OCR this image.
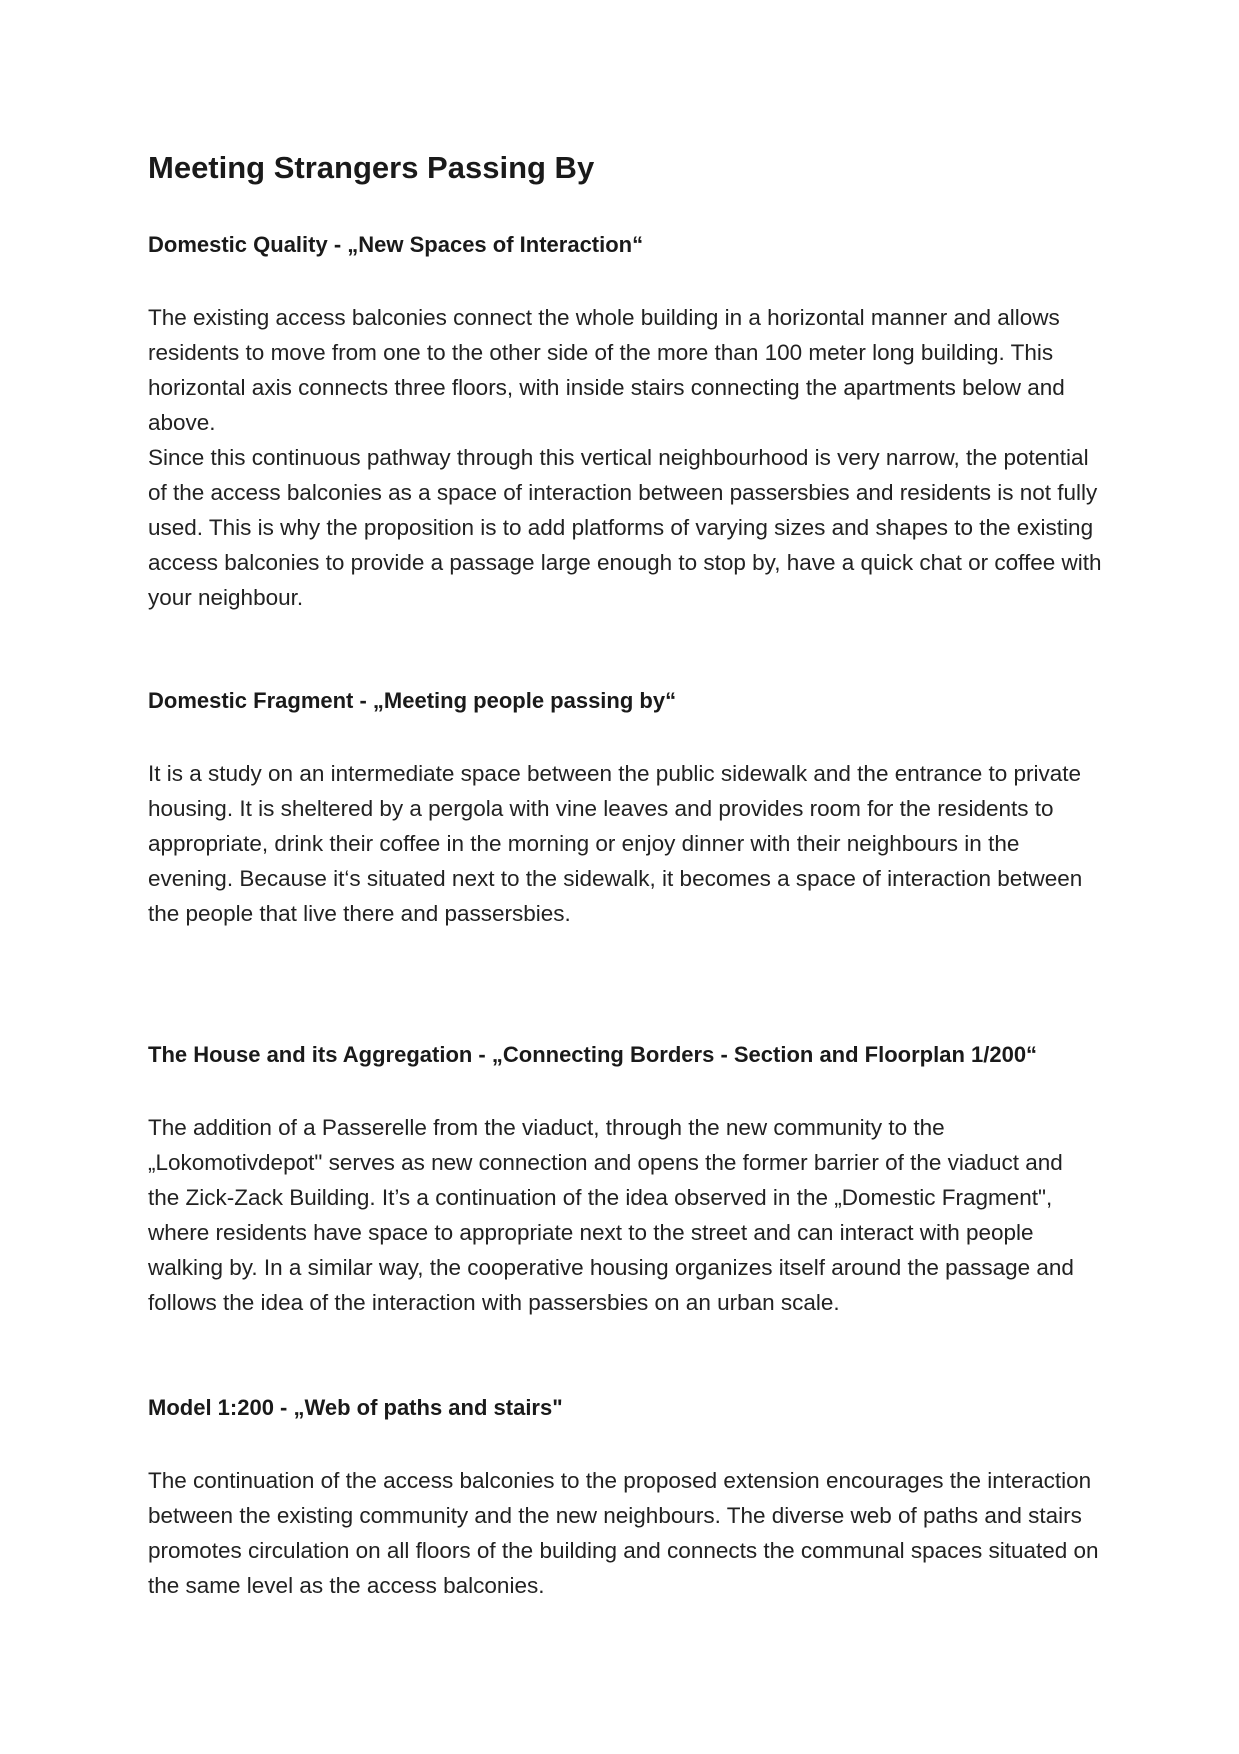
Meeting Strangers Passing By
Domestic Quality - „New Spaces of Interaction“

The existing access balconies connect the whole building in a horizontal manner and allows
residents to move from one to the other side of the more than 100 meter long building. This
horizontal axis connects three floors, with inside stairs connecting the apartments below and
above.
Since this continuous pathway through this vertical neighbourhood is very narrow, the potential
of the access balconies as a space of interaction between passersbies and residents is not fully
used. This is why the proposition is to add platforms of varying sizes and shapes to the existing
access balconies to provide a passage large enough to stop by, have a quick chat or coffee with
your neighbour.

Domestic Fragment - „Meeting people passing by“

It is a study on an intermediate space between the public sidewalk and the entrance to private
housing. It is sheltered by a pergola with vine leaves and provides room for the residents to
appropriate, drink their coffee in the morning or enjoy dinner with their neighbours in the
evening. Because it‘s situated next to the sidewalk, it becomes a space of interaction between
the people that live there and passersbies.

The House and its Aggregation - „Connecting Borders - Section and Floorplan 1/200“

The addition of a Passerelle from the viaduct, through the new community to the
„Lokomotivdepot" serves as new connection and opens the former barrier of the viaduct and
the Zick-Zack Building. It’s a continuation of the idea observed in the „Domestic Fragment",
where residents have space to appropriate next to the street and can interact with people
walking by. In a similar way, the cooperative housing organizes itself around the passage and
follows the idea of the interaction with passersbies on an urban scale.

Model 1:200 - „Web of paths and stairs"

The continuation of the access balconies to the proposed extension encourages the interaction
between the existing community and the new neighbours. The diverse web of paths and stairs
promotes circulation on all floors of the building and connects the communal spaces situated on
the same level as the access balconies.
